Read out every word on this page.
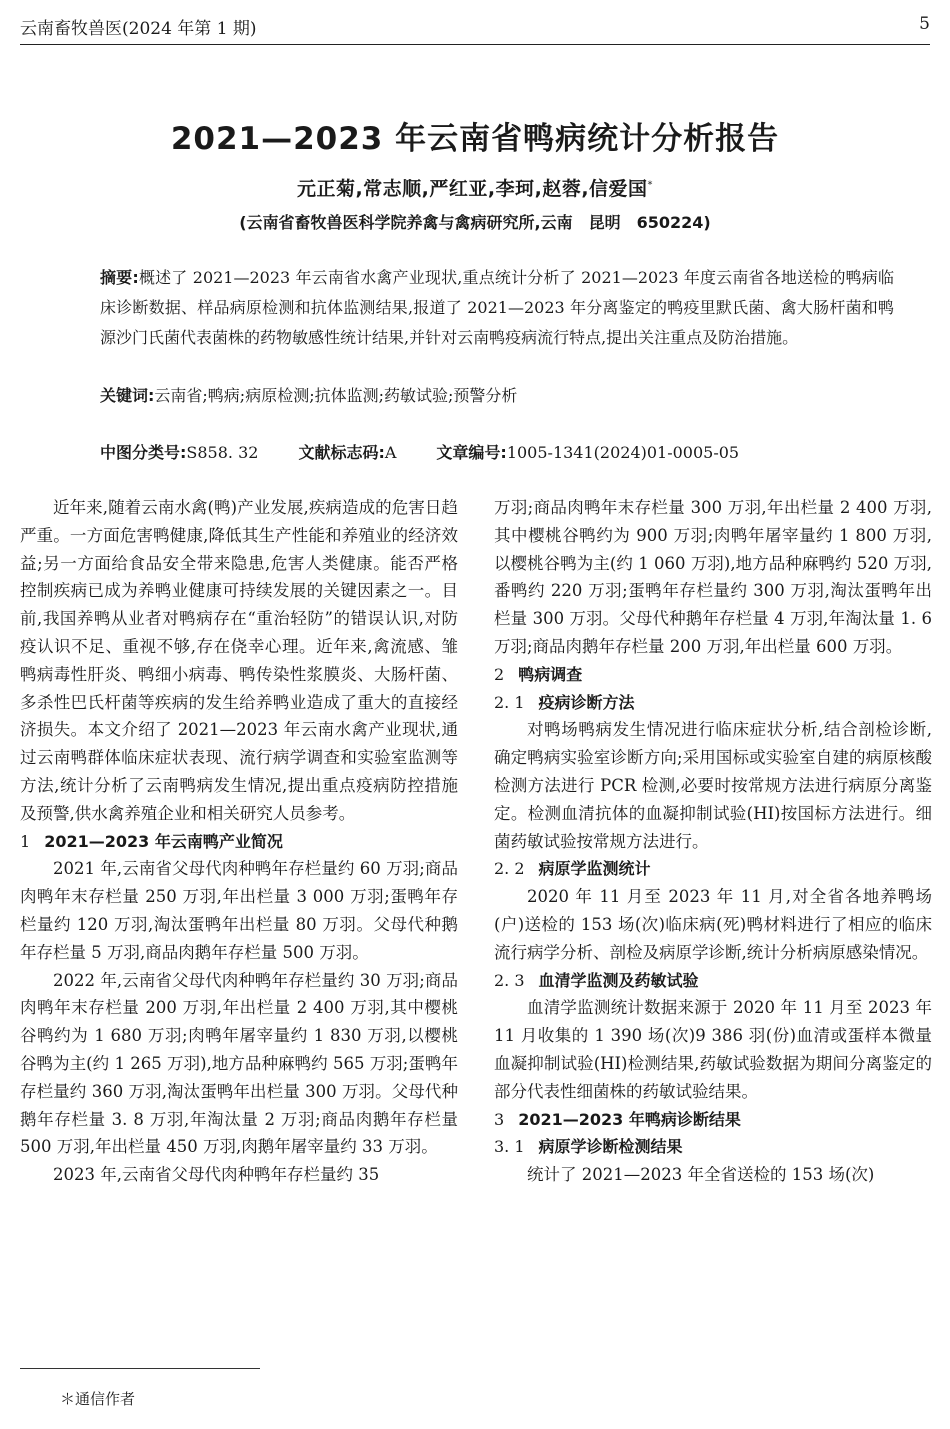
云南畜牧兽医(2024 年第 1 期)	5
2021—2023 年云南省鸭病统计分析报告
元正菊,常志顺,严红亚,李珂,赵蓉,信爱国*
(云南省畜牧兽医科学院养禽与禽病研究所,云南　昆明　650224)
摘要:概述了 2021—2023 年云南省水禽产业现状,重点统计分析了 2021—2023 年度云南省各地送检的鸭病临床诊断数据、样品病原检测和抗体监测结果,报道了 2021—2023 年分离鉴定的鸭疫里默氏菌、禽大肠杆菌和鸭源沙门氏菌代表菌株的药物敏感性统计结果,并针对云南鸭疫病流行特点,提出关注重点及防治措施。
关键词:云南省;鸭病;病原检测;抗体监测;药敏试验;预警分析
中图分类号:S858. 32	文献标志码:A	文章编号:1005-1341(2024)01-0005-05

近年来,随着云南水禽(鸭)产业发展,疾病造成的危害日趋严重。一方面危害鸭健康,降低其生产性能和养殖业的经济效益;另一方面给食品安全带来隐患,危害人类健康。能否严格控制疾病已成为养鸭业健康可持续发展的关键因素之一。目前,我国养鸭从业者对鸭病存在“重治轻防”的错误认识,对防疫认识不足、重视不够,存在侥幸心理。近年来,禽流感、雏鸭病毒性肝炎、鸭细小病毒、鸭传染性浆膜炎、大肠杆菌、多杀性巴氏杆菌等疾病的发生给养鸭业造成了重大的直接经济损失。本文介绍了 2021—2023 年云南水禽产业现状,通过云南鸭群体临床症状表现、流行病学调查和实验室监测等方法,统计分析了云南鸭病发生情况,提出重点疫病防控措施及预警,供水禽养殖企业和相关研究人员参考。

1 2021—2023 年云南鸭产业简况

2021 年,云南省父母代肉种鸭年存栏量约 60 万羽;商品肉鸭年末存栏量 250 万羽,年出栏量 3 000 万羽;蛋鸭年存栏量约 120 万羽,淘汰蛋鸭年出栏量 80 万羽。父母代种鹅年存栏量 5 万羽,商品肉鹅年存栏量 500 万羽。

2022 年,云南省父母代肉种鸭年存栏量约 30 万羽;商品肉鸭年末存栏量 200 万羽,年出栏量 2 400 万羽,其中樱桃谷鸭约为 1 680 万羽;肉鸭年屠宰量约 1 830 万羽,以樱桃谷鸭为主(约 1 265 万羽),地方品种麻鸭约 565 万羽;蛋鸭年存栏量约 360 万羽,淘汰蛋鸭年出栏量 300 万羽。父母代种鹅年存栏量 3. 8 万羽,年淘汰量 2 万羽;商品肉鹅年存栏量 500 万羽,年出栏量 450 万羽,肉鹅年屠宰量约 33 万羽。

2023 年,云南省父母代肉种鸭年存栏量约 35

万羽;商品肉鸭年末存栏量 300 万羽,年出栏量 2 400 万羽,其中樱桃谷鸭约为 900 万羽;肉鸭年屠宰量约 1 800 万羽,以樱桃谷鸭为主(约 1 060 万羽),地方品种麻鸭约 520 万羽,番鸭约 220 万羽;蛋鸭年存栏量约 300 万羽,淘汰蛋鸭年出栏量 300 万羽。父母代种鹅年存栏量 4 万羽,年淘汰量 1. 6 万羽;商品肉鹅年存栏量 200 万羽,年出栏量 600 万羽。

2 鸭病调查

2. 1 疫病诊断方法

对鸭场鸭病发生情况进行临床症状分析,结合剖检诊断,确定鸭病实验室诊断方向;采用国标或实验室自建的病原核酸检测方法进行 PCR 检测,必要时按常规方法进行病原分离鉴定。检测血清抗体的血凝抑制试验(HI)按国标方法进行。细菌药敏试验按常规方法进行。

2. 2 病原学监测统计

2020 年 11 月至 2023 年 11 月,对全省各地养鸭场(户)送检的 153 场(次)临床病(死)鸭材料进行了相应的临床流行病学分析、剖检及病原学诊断,统计分析病原感染情况。

2. 3 血清学监测及药敏试验

血清学监测统计数据来源于 2020 年 11 月至 2023 年 11 月收集的 1 390 场(次)9 386 羽(份)血清或蛋样本微量血凝抑制试验(HI)检测结果,药敏试验数据为期间分离鉴定的部分代表性细菌株的药敏试验结果。

3 2021—2023 年鸭病诊断结果

3. 1 病原学诊断检测结果

统计了 2021—2023 年全省送检的 153 场(次)

＊通信作者
